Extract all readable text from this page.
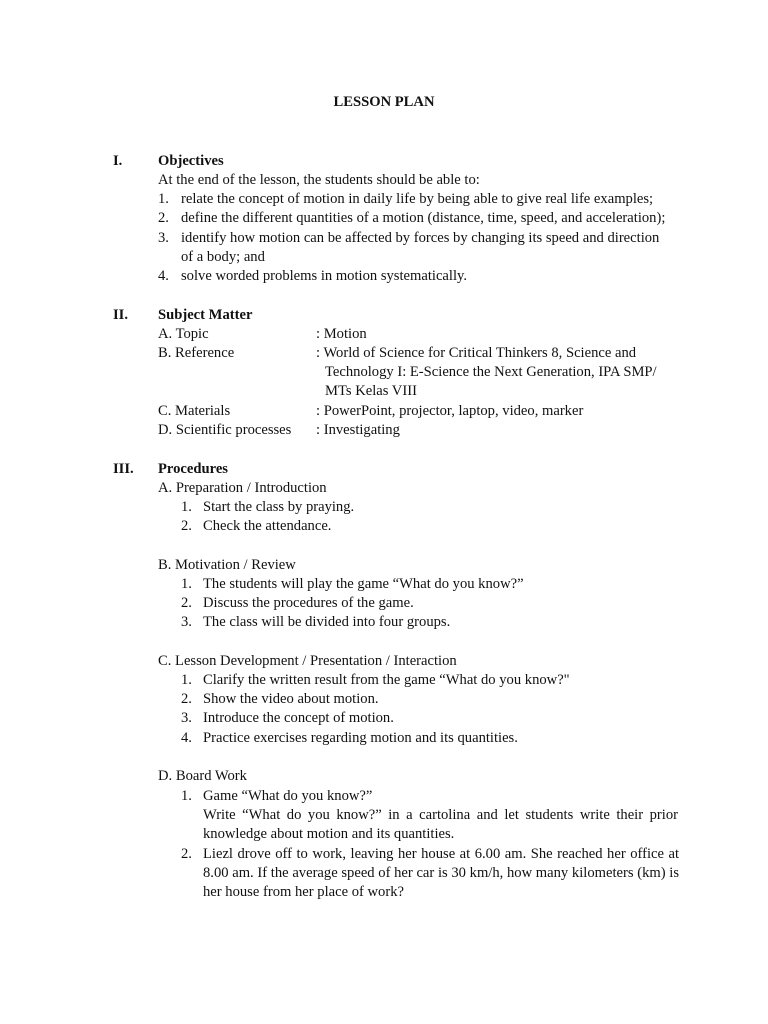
LESSON PLAN
I. Objectives
At the end of the lesson, the students should be able to:
1. relate the concept of motion in daily life by being able to give real life examples;
2. define the different quantities of a motion (distance, time, speed, and acceleration);
3. identify how motion can be affected by forces by changing its speed and direction
of a body; and
4. solve worded problems in motion systematically.
II. Subject Matter
A. Topic	: Motion
B. Reference	: World of Science for Critical Thinkers 8, Science and
Technology I: E-Science the Next Generation, IPA SMP/
MTs Kelas VIII
C. Materials	: PowerPoint, projector, laptop, video, marker
D. Scientific processes : Investigating
III. Procedures
A. Preparation / Introduction
1. Start the class by praying.
2. Check the attendance.
B. Motivation / Review
1. The students will play the game “What do you know?”
2. Discuss the procedures of the game.
3. The class will be divided into four groups.
C. Lesson Development / Presentation / Interaction
1. Clarify the written result from the game “What do you know?"
2. Show the video about motion.
3. Introduce the concept of motion.
4. Practice exercises regarding motion and its quantities.
D. Board Work
1. Game “What do you know?”
Write “What do you know?” in a cartolina and let students write their prior knowledge about motion and its quantities.
2. Liezl drove off to work, leaving her house at 6.00 am. She reached her office at 8.00 am. If the average speed of her car is 30 km/h, how many kilometers (km) is her house from her place of work?
